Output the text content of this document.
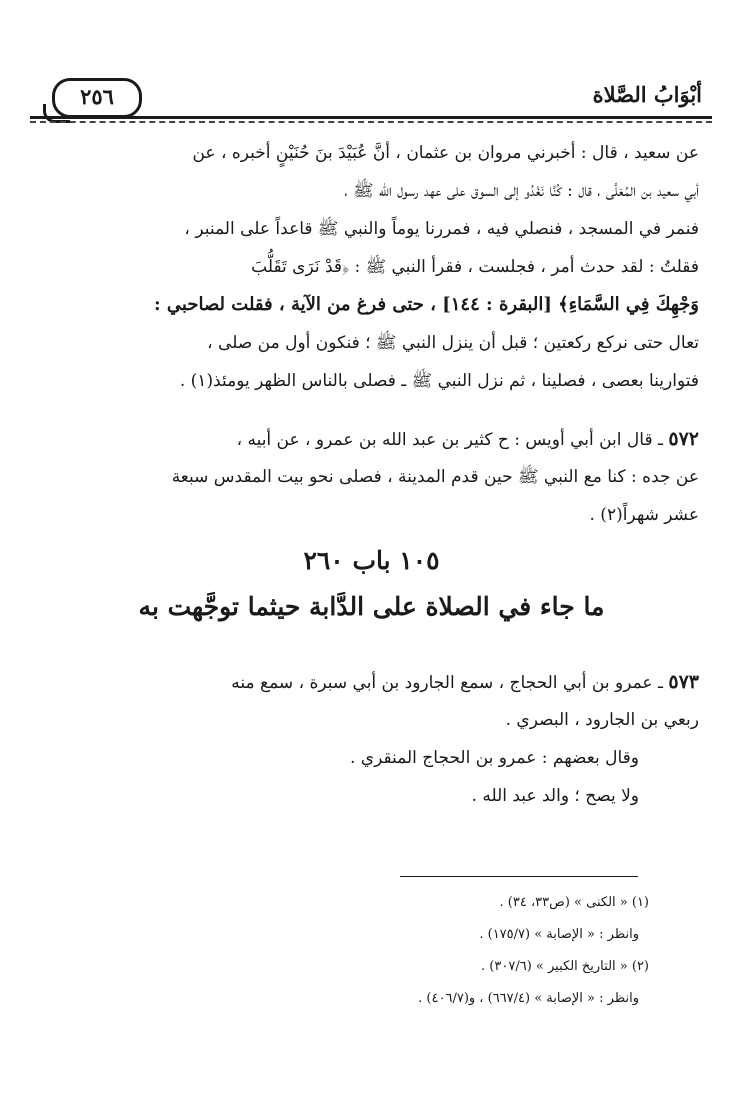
أبْوَابُ الصَّلاة
٢٥٦
عن سعيد ، قال : أخبرني مروان بن عثمان ، أنَّ عُبَيْدَ بنَ حُنَيْنٍ أخبره ، عن
أبي سعيد بن المُعَلَّى ، قال : كُنَّا نَغْدُو إلى السوق على عهد رسول الله ﷺ ،
فنمر في المسجد ، فنصلي فيه ، فمررنا يوماً والنبي ﷺ قاعداً على المنبر ،
فقلتُ : لقد حدث أمر ، فجلست ، فقرأ النبي ﷺ : ﴿قَدْ نَرَى تَقَلُّبَ
وَجْهِكَ فِي السَّمَاءِ﴾ [البقرة : ١٤٤] ، حتى فرغ من الآية ، فقلت لصاحبي :
تعال حتى نركع ركعتين ؛ قبل أن ينزل النبي ﷺ ؛ فنكون أول من صلى ،
فتوارينا بعصى ، فصلينا ، ثم نزل النبي ﷺ ـ فصلى بالناس الظهر يومئذ(١) .
٥٧٢ ـ قال ابن أبي أويس : ح كثير بن عبد الله بن عمرو ، عن أبيه ،
عن جده : كنا مع النبي ﷺ حين قدم المدينة ، فصلى نحو بيت المقدس سبعة
عشر شهراً(٢) .
١٠٥ باب ٢٦٠
ما جاء في الصلاة على الدَّابة حيثما توجَّهت به
٥٧٣ ـ عمرو بن أبي الحجاج ، سمع الجارود بن أبي سبرة ، سمع منه
ربعي بن الجارود ، البصري .
وقال بعضهم : عمرو بن الحجاج المنقري .
ولا يصح ؛ والد عبد الله .
(١) « الكنى » (ص٣٣، ٣٤) .
وانظر : « الإصابة » (١٧٥/٧) .
(٢) « التاريخ الكبير » (٣٠٧/٦) .
وانظر : « الإصابة » (٦٦٧/٤) ، و(٤٠٦/٧) .
